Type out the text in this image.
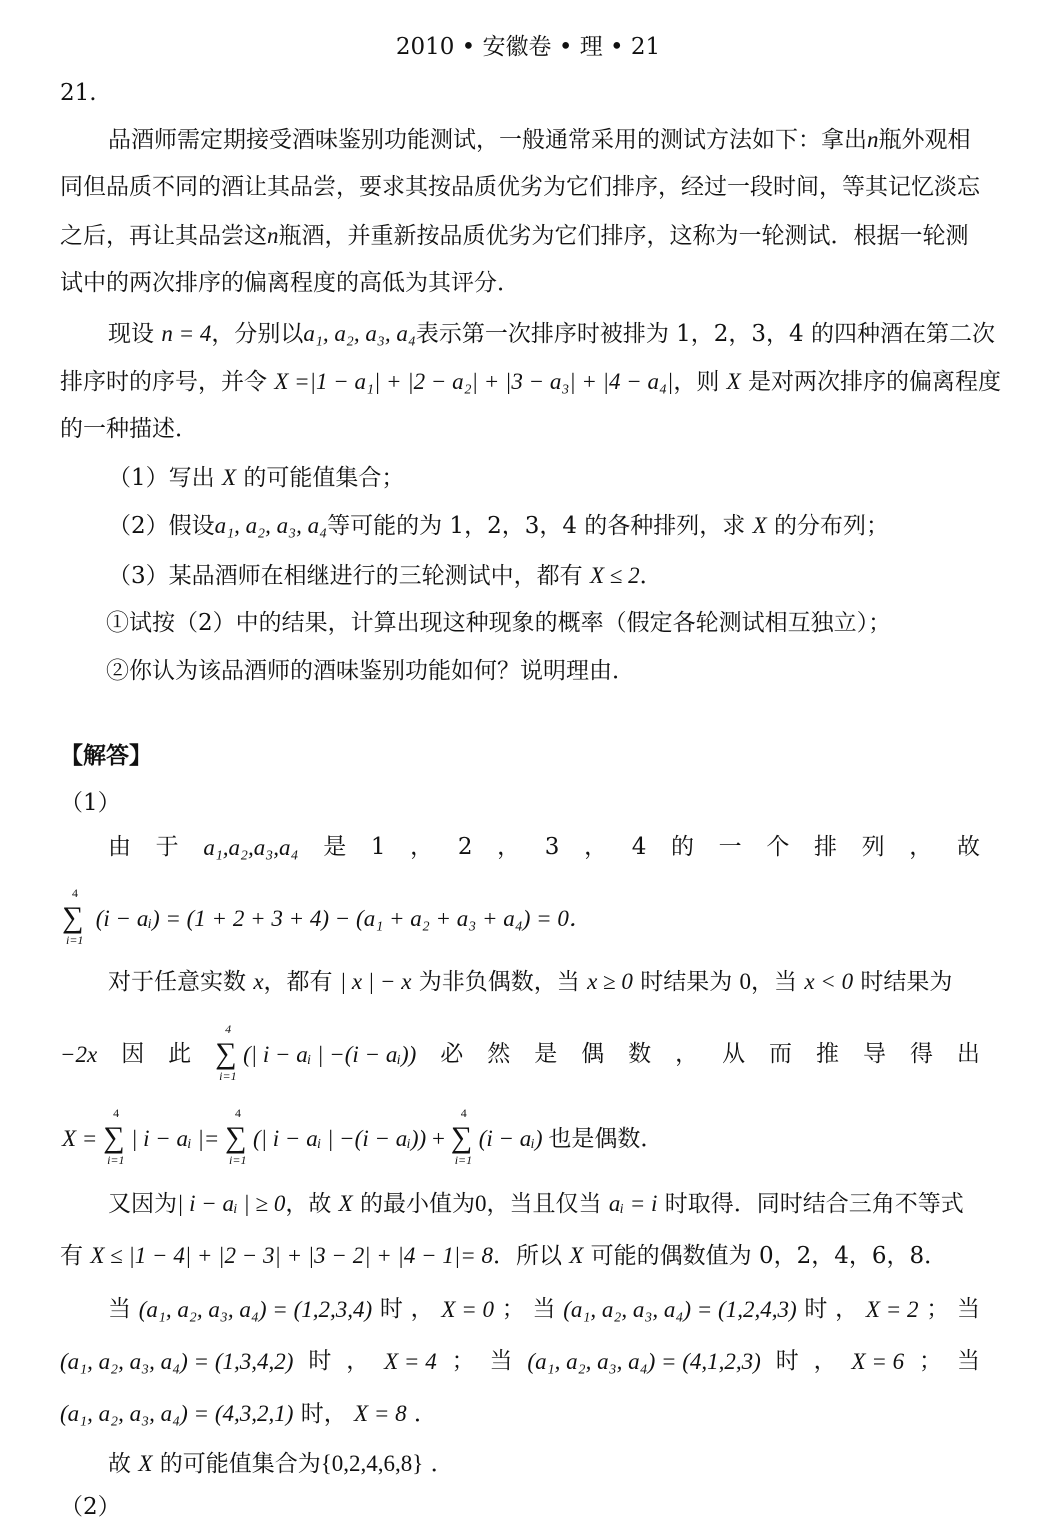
2010 • 安徽卷 • 理 • 21
21.
品酒师需定期接受酒味鉴别功能测试，一般通常采用的测试方法如下：拿出n瓶外观相
同但品质不同的酒让其品尝，要求其按品质优劣为它们排序，经过一段时间，等其记忆淡忘
之后，再让其品尝这n瓶酒，并重新按品质优劣为它们排序，这称为一轮测试．根据一轮测
试中的两次排序的偏离程度的高低为其评分．
现设 n = 4，分别以a₁, a₂, a₃, a₄表示第一次排序时被排为 1，2，3，4 的四种酒在第二次
排序时的序号，并令 X =|1 − a₁| + |2 − a₂| + |3 − a₃| + |4 − a₄|，则 X 是对两次排序的偏离程度
的一种描述．
（1）写出 X 的可能值集合；
（2）假设a₁, a₂, a₃, a₄等可能的为 1，2，3，4 的各种排列，求 X 的分布列；
（3）某品酒师在相继进行的三轮测试中，都有 X ≤ 2．
①试按（2）中的结果，计算出现这种现象的概率（假定各轮测试相互独立）；
②你认为该品酒师的酒味鉴别功能如何？说明理由．
【解答】
（1）
由 于 a₁,a₂,a₃,a₄ 是 1 ， 2 ， 3 ， 4 的 一 个 排 列 ， 故
∑
4
i=1
(i − aᵢ) = (1 + 2 + 3 + 4) − (a₁ + a₂ + a₃ + a₄) = 0．
对于任意实数 x，都有 | x | − x 为非负偶数，当 x ≥ 0 时结果为 0，当 x < 0 时结果为
−2x 因 此 ∑
4
i=1
(| i − aᵢ | −(i − aᵢ)) 必 然 是 偶 数 ， 从 而 推 导 得 出
X = ∑
4
i=1
| i − aᵢ |= ∑
4
i=1
(| i − aᵢ | −(i − aᵢ)) + ∑
4
i=1
(i − aᵢ) 也是偶数．
又因为| i − aᵢ | ≥ 0，故 X 的最小值为0，当且仅当 aᵢ = i 时取得．同时结合三角不等式
有 X ≤ |1 − 4| + |2 − 3| + |3 − 2| + |4 − 1|= 8．所以 X 可能的偶数值为 0，2，4，6，8．
当 (a₁, a₂, a₃, a₄) = (1,2,3,4) 时 ， X = 0 ； 当 (a₁, a₂, a₃, a₄) = (1,2,4,3) 时 ， X = 2 ； 当
(a₁, a₂, a₃, a₄) = (1,3,4,2) 时 ， X = 4 ； 当 (a₁, a₂, a₃, a₄) = (4,1,2,3) 时 ， X = 6 ； 当
(a₁, a₂, a₃, a₄) = (4,3,2,1) 时， X = 8 ．
故 X 的可能值集合为{0,2,4,6,8} ．
（2）
